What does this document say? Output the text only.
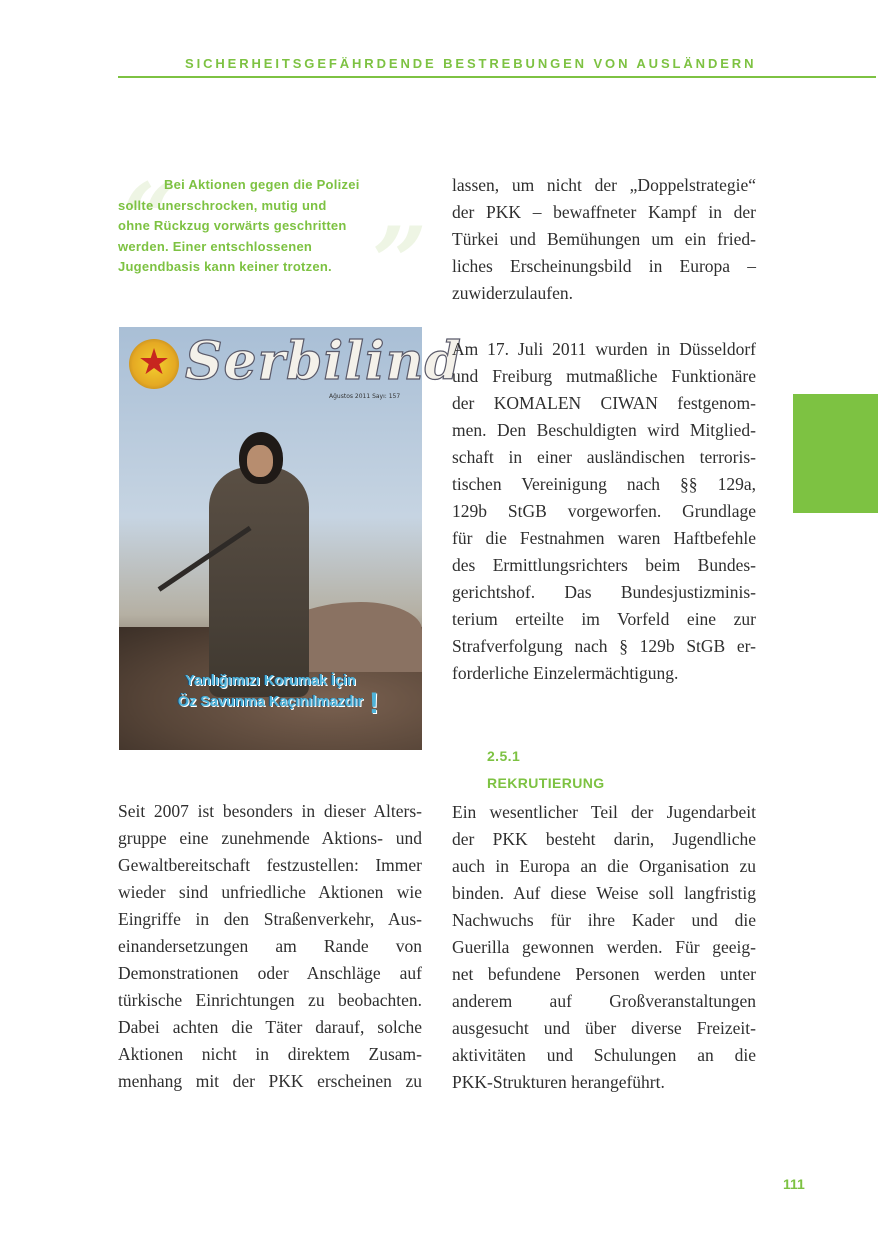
SICHERHEITSGEFÄHRDENDE BESTREBUNGEN VON AUSLÄNDERN
“ ”
Bei Aktionen gegen die Polizei
sollte unerschrocken, mutig und
ohne Rückzug vorwärts geschritten
werden. Einer entschlossenen
Jugendbasis kann keiner trotzen.
★ Serbilind
Ağustos 2011 Sayı: 157
Yanlığımızı Korumak İçin
Öz Savunma Kaçınılmazdır !
Seit 2007 ist besonders in dieser Alters-
gruppe eine zunehmende Aktions- und
Gewaltbereitschaft festzustellen: Immer
wieder sind unfriedliche Aktionen wie
Eingriffe in den Straßenverkehr, Aus-
einandersetzungen am Rande von
Demonstrationen oder Anschläge auf
türkische Einrichtungen zu beobachten.
Dabei achten die Täter darauf, solche
Aktionen nicht in direktem Zusam-
menhang mit der PKK erscheinen zu
lassen, um nicht der „Doppelstrategie“
der PKK – bewaffneter Kampf in der
Türkei und Bemühungen um ein fried-
liches Erscheinungsbild in Europa –
zuwiderzulaufen.
Am 17. Juli 2011 wurden in Düsseldorf
und Freiburg mutmaßliche Funktionäre
der KOMALEN CIWAN festgenom-
men. Den Beschuldigten wird Mitglied-
schaft in einer ausländischen terroris-
tischen Vereinigung nach §§ 129a,
129b StGB vorgeworfen. Grundlage
für die Festnahmen waren Haftbefehle
des Ermittlungsrichters beim Bundes-
gerichtshof. Das Bundesjustizminis-
terium erteilte im Vorfeld eine zur
Strafverfolgung nach § 129b StGB er-
forderliche Einzelermächtigung.
2.5.1
REKRUTIERUNG
Ein wesentlicher Teil der Jugendarbeit
der PKK besteht darin, Jugendliche
auch in Europa an die Organisation zu
binden. Auf diese Weise soll langfristig
Nachwuchs für ihre Kader und die
Guerilla gewonnen werden. Für geeig-
net befundene Personen werden unter
anderem auf Großveranstaltungen
ausgesucht und über diverse Freizeit-
aktivitäten und Schulungen an die
PKK-Strukturen herangeführt.
111
